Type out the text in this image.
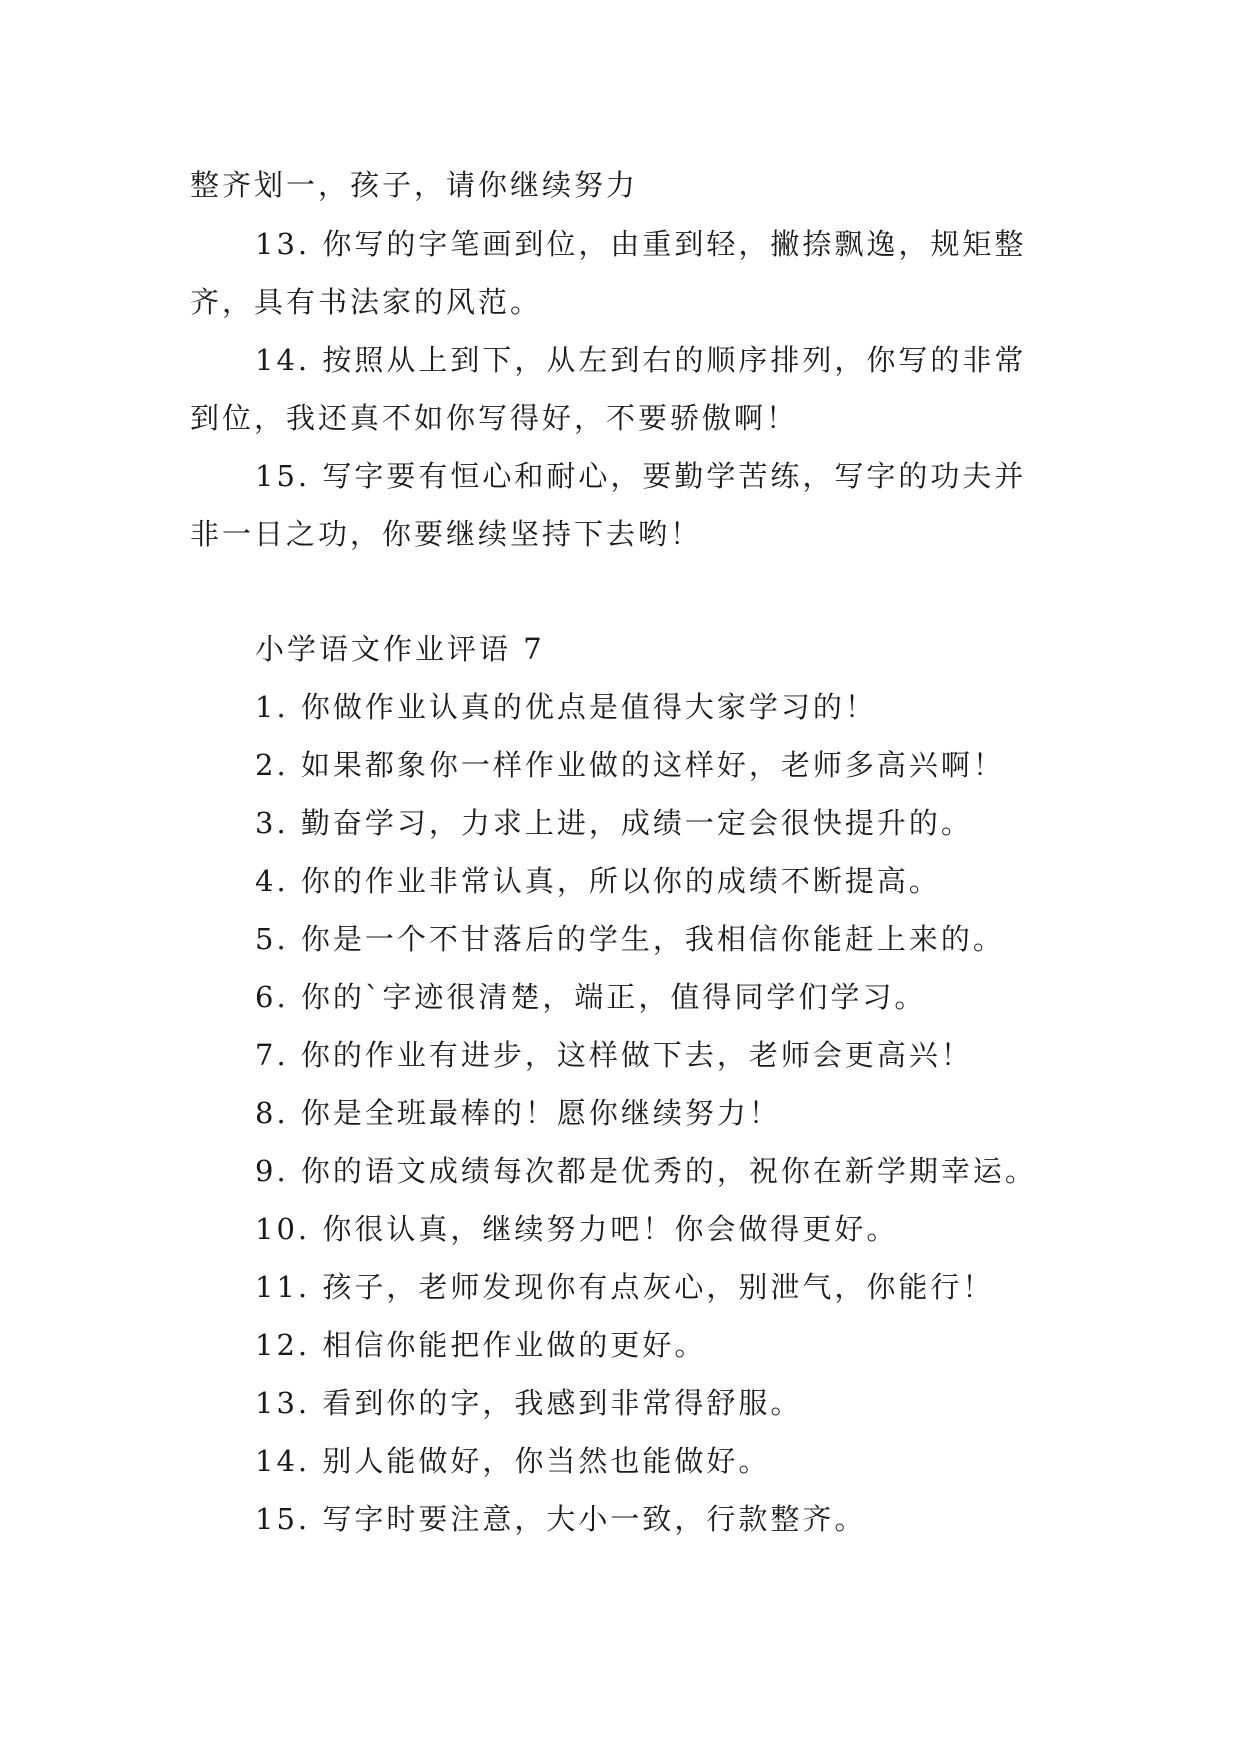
整齐划一，孩子，请你继续努力
13. 你写的字笔画到位，由重到轻，撇捺飘逸，规矩整
齐，具有书法家的风范。
14. 按照从上到下，从左到右的顺序排列，你写的非常
到位，我还真不如你写得好，不要骄傲啊！
15. 写字要有恒心和耐心，要勤学苦练，写字的功夫并
非一日之功，你要继续坚持下去哟！
小学语文作业评语 7
1. 你做作业认真的优点是值得大家学习的！
2. 如果都象你一样作业做的这样好，老师多高兴啊！
3. 勤奋学习，力求上进，成绩一定会很快提升的。
4. 你的作业非常认真，所以你的成绩不断提高。
5. 你是一个不甘落后的学生，我相信你能赶上来的。
6. 你的`字迹很清楚，端正，值得同学们学习。
7. 你的作业有进步，这样做下去，老师会更高兴！
8. 你是全班最棒的！愿你继续努力！
9. 你的语文成绩每次都是优秀的，祝你在新学期幸运。
10. 你很认真，继续努力吧！你会做得更好。
11. 孩子，老师发现你有点灰心，别泄气，你能行！
12. 相信你能把作业做的更好。
13. 看到你的字，我感到非常得舒服。
14. 别人能做好，你当然也能做好。
15. 写字时要注意，大小一致，行款整齐。
